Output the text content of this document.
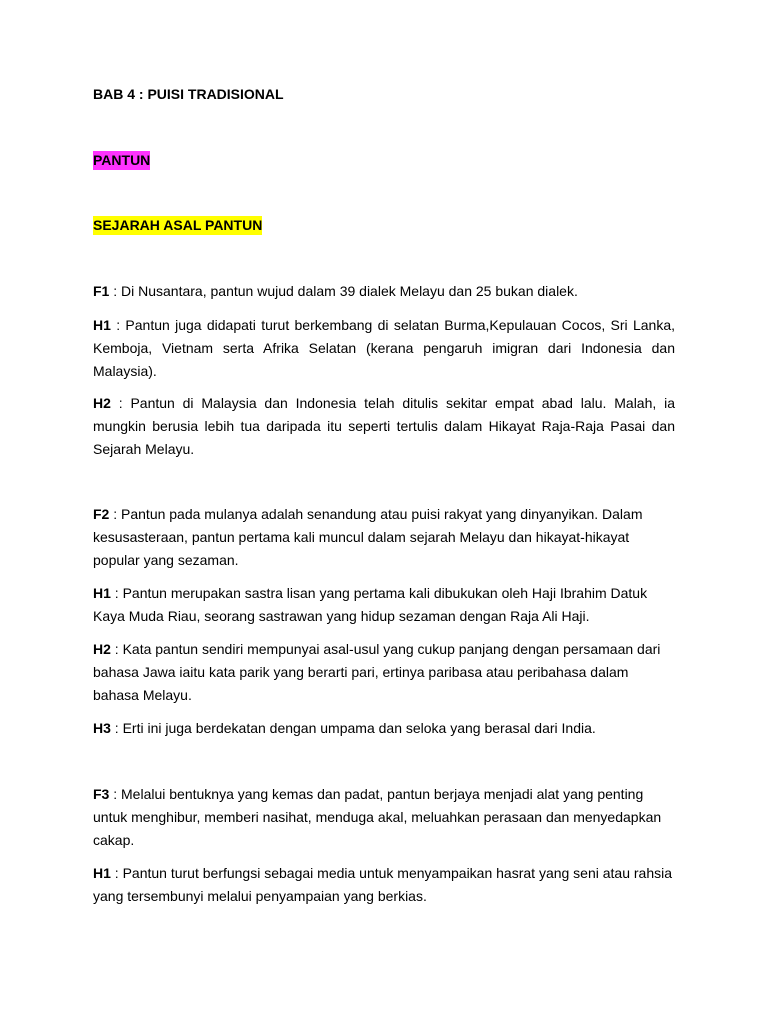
BAB 4 : PUISI TRADISIONAL
PANTUN
SEJARAH ASAL PANTUN
F1 : Di Nusantara, pantun wujud dalam 39 dialek Melayu dan 25 bukan dialek.
H1 : Pantun juga didapati turut berkembang di selatan Burma,Kepulauan Cocos, Sri Lanka, Kemboja, Vietnam serta Afrika Selatan (kerana pengaruh imigran dari Indonesia dan Malaysia).
H2 : Pantun di Malaysia dan Indonesia telah ditulis sekitar empat abad lalu. Malah, ia mungkin berusia lebih tua daripada itu seperti tertulis dalam Hikayat Raja-Raja Pasai dan Sejarah Melayu.
F2 : Pantun pada mulanya adalah senandung atau puisi rakyat yang dinyanyikan. Dalam kesusasteraan, pantun pertama kali muncul dalam sejarah Melayu dan hikayat-hikayat popular yang sezaman.
H1 : Pantun merupakan sastra lisan yang pertama kali dibukukan oleh Haji Ibrahim Datuk Kaya Muda Riau, seorang sastrawan yang hidup sezaman dengan Raja Ali Haji.
H2 : Kata pantun sendiri mempunyai asal-usul yang cukup panjang dengan persamaan dari bahasa Jawa iaitu kata parik yang berarti pari, ertinya paribasa atau peribahasa dalam bahasa Melayu.
H3 : Erti ini juga berdekatan dengan umpama dan seloka yang berasal dari India.
F3 : Melalui bentuknya yang kemas dan padat, pantun berjaya menjadi alat yang penting untuk menghibur, memberi nasihat, menduga akal, meluahkan perasaan dan menyedapkan cakap.
H1 : Pantun turut berfungsi sebagai media untuk menyampaikan hasrat yang seni atau rahsia yang tersembunyi melalui penyampaian yang berkias.
